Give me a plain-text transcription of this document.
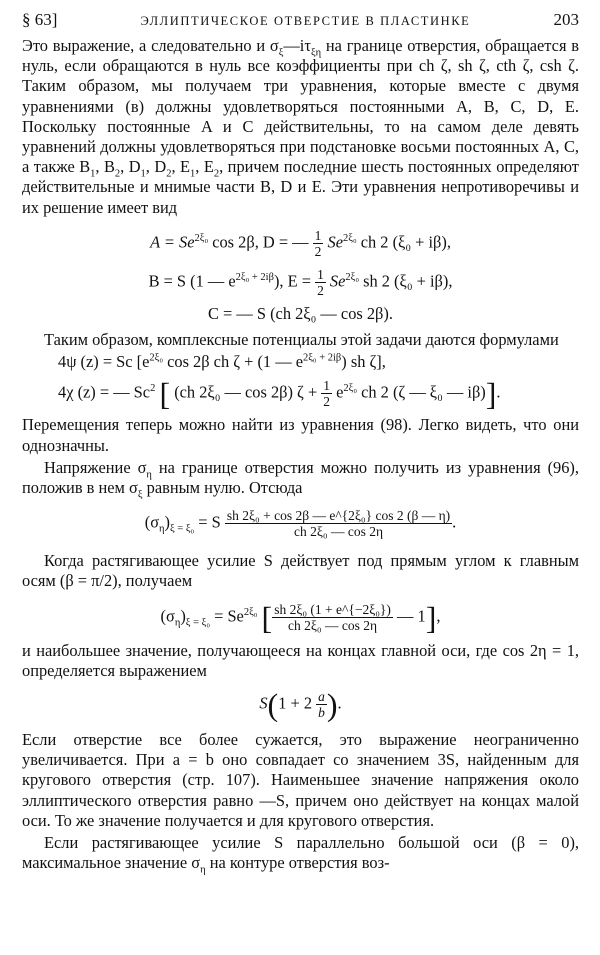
§ 63]	ЭЛЛИПТИЧЕСКОЕ ОТВЕРСТИЕ В ПЛАСТИНКЕ	203

Это выражение, а следовательно и $\sigma_\xi—i\tau_{\xi\eta}$ на границе отверстия, обращается в нуль, если обращаются в нуль все коэффициенты при ch ζ, sh ζ, cth ζ, csh ζ. Таким образом, мы получаем три уравнения, которые вместе с двумя уравнениями (в) должны удовлетворяться постоянными A, B, C, D, E. Поскольку постоянные A и C действительны, то на самом деле девять уравнений должны удовлетворяться при подстановке восьми постоянных A, C, а также $B_1$, $B_2$, $D_1$, $D_2$, $E_1$, $E_2$, причем последние шесть постоянных определяют действительные и мнимые части B, D и E. Эти уравнения непротиворечивы и их решение имеет вид

$A = Se^{2\xi_0}$ cos 2β, D = — $\frac{1}{2} Se^{2\xi_0}$ ch 2 (ξ₀ + iβ),
B = S (1 — $e^{2\xi_0 + 2i\beta}$), $E = \frac{1}{2} Se^{2\xi_0}$ sh 2 (ξ₀ + iβ),
C = — S (ch 2ξ₀ — cos 2β).

Таким образом, комплексные потенциалы этой задачи даются формулами

4ψ (z) = Sc [$e^{2\xi_0}$ cos 2β ch ζ + (1 — $e^{2\xi_0 + 2i\beta}$) sh ζ],
4χ (z) = — Sc$^2$ [ (ch 2ξ₀ — cos 2β) $\zeta + \frac{1}{2} e^{2\xi_0}$ ch 2 (ζ — ξ₀ — iβ)].

Перемещения теперь можно найти из уравнения (98). Легко видеть, что они однозначны.

Напряжение $\sigma_\eta$ на границе отверстия можно получить из уравнения (96), положив в нем $\sigma_\xi$ равным нулю. Отсюда

$(\sigma_\eta)_{\xi = \xi_0} = S \frac{\text{sh 2ξ₀ + cos 2β — e\textasciicircum{}\{2ξ₀\} cos 2 (β — η)}}{\text{ch 2ξ₀ — cos 2η}}$ .

Когда растягивающее усилие S действует под прямым углом к главным осям (β = π/2), получаем

$(\sigma_\eta)_{\xi = \xi_0} = Se^{2\xi_0}$ [ $\frac{\text{sh 2ξ₀ (1 + e\textasciicircum{}\{−2ξ₀\})}}{\text{ch 2ξ₀ — cos 2η}}$ — 1],

и наибольшее значение, получающееся на концах главной оси, где cos 2η = 1, определяется выражением

$S(1 + 2 \frac{a}{b}$ ).

Если отверстие все более сужается, это выражение неограниченно увеличивается. При a = b оно совпадает со значением 3S, найденным для кругового отверстия (стр. 107). Наименьшее значение напряжения около эллиптического отверстия равно —S, причем оно действует на концах малой оси. То же значение получается и для кругового отверстия.

Если растягивающее усилие S параллельно большой оси (β = 0), максимальное значение $\sigma_\eta$ на контуре отверстия воз-
